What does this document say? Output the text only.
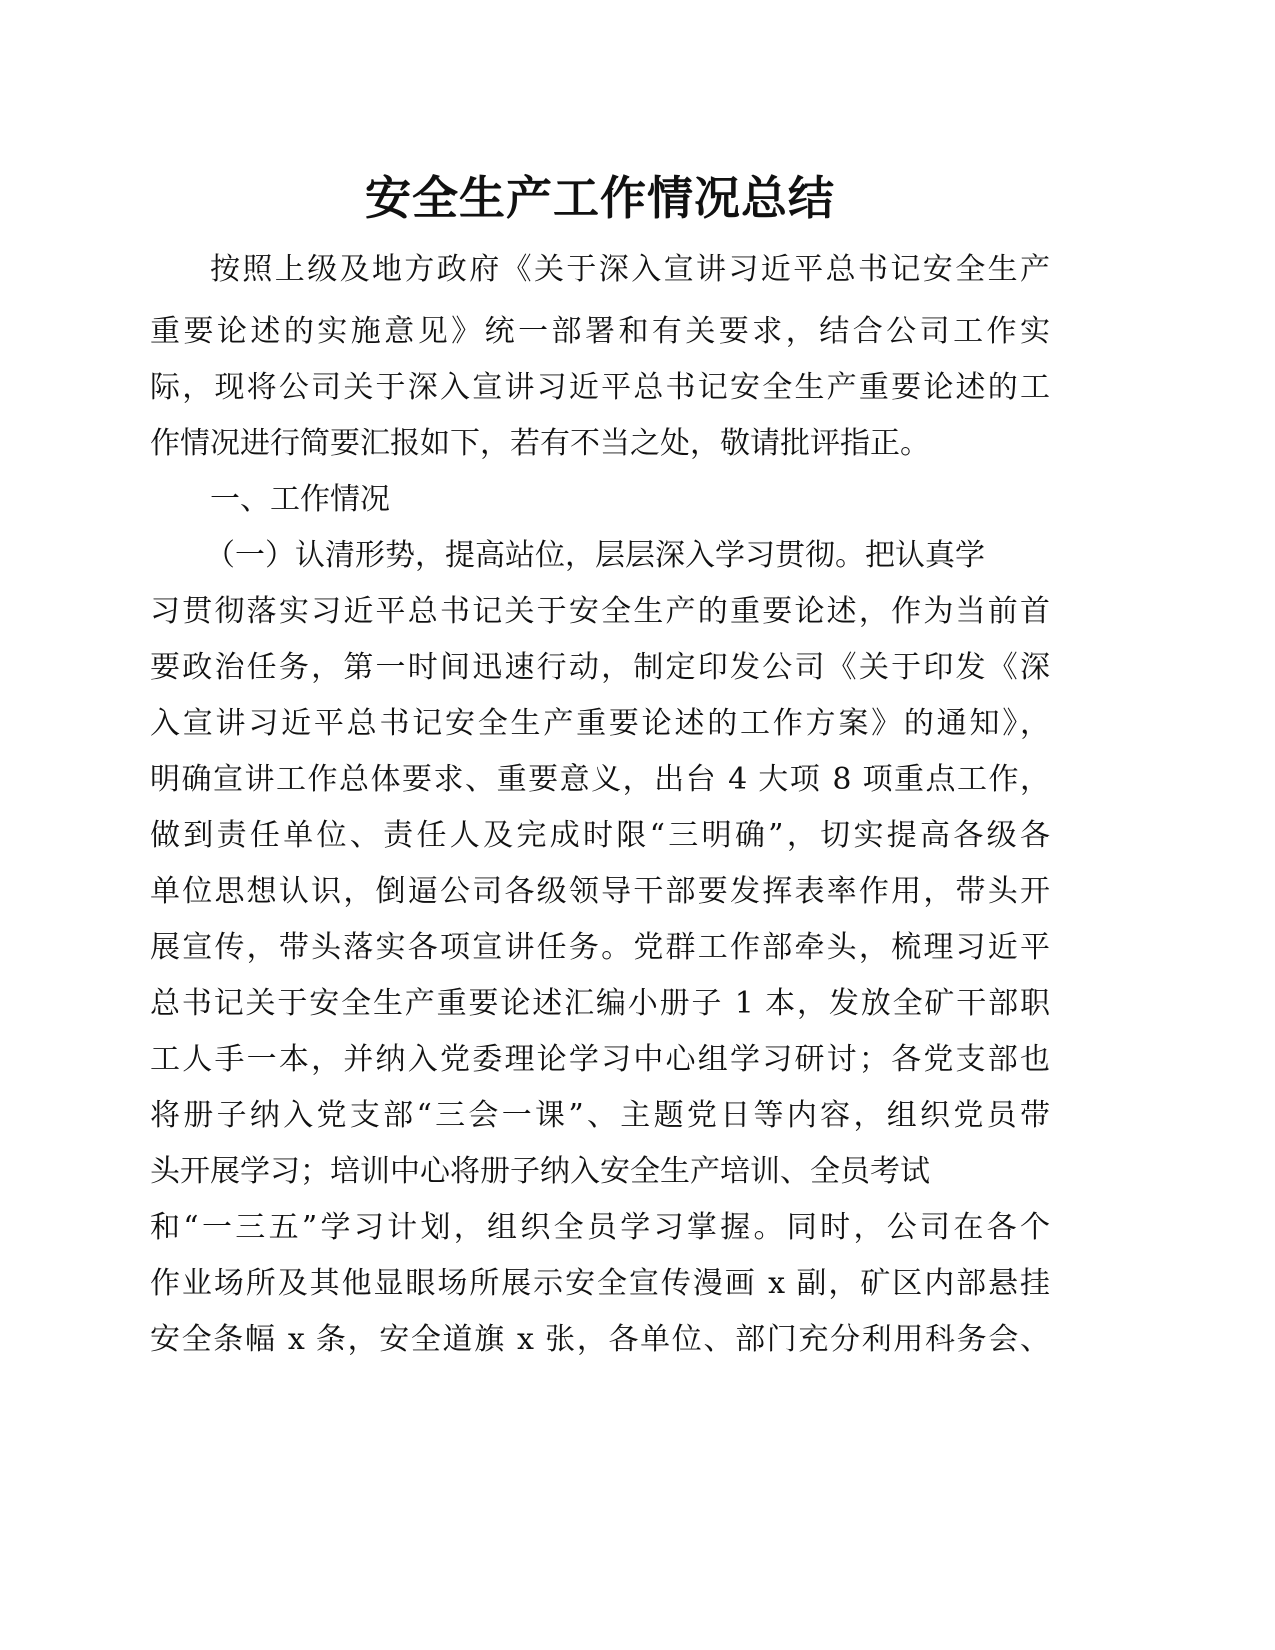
安全生产工作情况总结
按照上级及地方政府《关于深入宣讲习近平总书记安全生产
重要论述的实施意见》统一部署和有关要求，结合公司工作实
际，现将公司关于深入宣讲习近平总书记安全生产重要论述的工
作情况进行简要汇报如下，若有不当之处，敬请批评指正。
一、工作情况
（一）认清形势，提高站位，层层深入学习贯彻。把认真学
习贯彻落实习近平总书记关于安全生产的重要论述，作为当前首
要政治任务，第一时间迅速行动，制定印发公司《关于印发《深
入宣讲习近平总书记安全生产重要论述的工作方案》的通知》，
明确宣讲工作总体要求、重要意义，出台 4 大项 8 项重点工作，
做到责任单位、责任人及完成时限“三明确”，切实提高各级各
单位思想认识，倒逼公司各级领导干部要发挥表率作用，带头开
展宣传，带头落实各项宣讲任务。党群工作部牵头，梳理习近平
总书记关于安全生产重要论述汇编小册子 1 本，发放全矿干部职
工人手一本，并纳入党委理论学习中心组学习研讨；各党支部也
将册子纳入党支部“三会一课”、主题党日等内容，组织党员带
头开展学习；培训中心将册子纳入安全生产培训、全员考试
和“一三五”学习计划，组织全员学习掌握。同时，公司在各个
作业场所及其他显眼场所展示安全宣传漫画 x 副，矿区内部悬挂
安全条幅 x 条，安全道旗 x 张，各单位、部门充分利用科务会、
